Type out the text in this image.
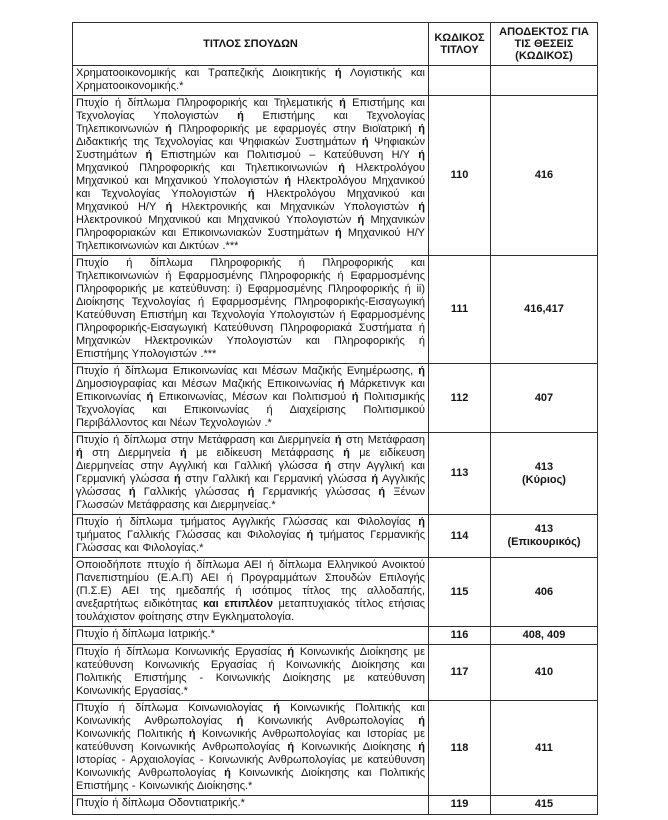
ΤΙΤΛΟΣ ΣΠΟΥΔΩΝ	ΚΩΔΙΚΟΣ ΤΙΤΛΟΥ	ΑΠΟΔΕΚΤΟΣ ΓΙΑ ΤΙΣ ΘΕΣΕΙΣ (ΚΩΔΙΚΟΣ)
Χρηματοοικονομικής και Τραπεζικής Διοικητικής ή Λογιστικής και Χρηματοοικονομικής.*		
Πτυχίο ή δίπλωμα Πληροφορικής και Τηλεματικής ή Επιστήμης και Τεχνολογίας Υπολογιστών ή Επιστήμης και Τεχνολογίας Τηλεπικοινωνιών ή Πληροφορικής με εφαρμογές στην Βιοϊατρική ή Διδακτικής της Τεχνολογίας και Ψηφιακών Συστημάτων ή Ψηφιακών Συστημάτων ή Επιστημών και Πολιτισμού – Κατεύθυνση Η/Υ ή Μηχανικού Πληροφορικής και Τηλεπικοινωνιών ή Ηλεκτρολόγου Μηχανικού και Μηχανικού Υπολογιστών ή Ηλεκτρολόγου Μηχανικού και Τεχνολογίας Υπολογιστών ή Ηλεκτρολόγου Μηχανικού και Μηχανικού Η/Υ ή Ηλεκτρονικής και Μηχανικών Υπολογιστών ή Ηλεκτρονικού Μηχανικού και Μηχανικού Υπολογιστών ή Μηχανικών Πληροφοριακών και Επικοινωνιακών Συστημάτων ή Μηχανικού Η/Υ Τηλεπικοινωνιών και Δικτύων .***	110	416
Πτυχίο ή δίπλωμα Πληροφορικής ή Πληροφορικής και Τηλεπικοινωνιών ή Εφαρμοσμένης Πληροφορικής ή Εφαρμοσμένης Πληροφορικής με κατεύθυνση: i) Εφαρμοσμένης Πληροφορικής ή ii) Διοίκησης Τεχνολογίας ή Εφαρμοσμένης Πληροφορικής-Εισαγωγική Κατεύθυνση Επιστήμη και Τεχνολογία Υπολογιστών ή Εφαρμοσμένης Πληροφορικής-Εισαγωγική Κατεύθυνση Πληροφοριακά Συστήματα ή Μηχανικών Ηλεκτρονικών Υπολογιστών και Πληροφορικής ή Επιστήμης Υπολογιστών .***	111	416,417
Πτυχίο ή δίπλωμα Επικοινωνίας και Μέσων Μαζικής Ενημέρωσης, ή Δημοσιογραφίας και Μέσων Μαζικής Επικοινωνίας ή Μάρκετινγκ και Επικοινωνίας ή Επικοινωνίας, Μέσων και Πολιτισμού ή Πολιτισμικής Τεχνολογίας και Επικοινωνίας ή Διαχείρισης Πολιτισμικού Περιβάλλοντος και Νέων Τεχνολογιών .*	112	407
Πτυχίο ή δίπλωμα στην Μετάφραση και Διερμηνεία ή στη Μετάφραση ή στη Διερμηνεία ή με ειδίκευση Μετάφρασης ή με ειδίκευση Διερμηνείας στην Αγγλική και Γαλλική γλώσσα ή στην Αγγλική και Γερμανική γλώσσα ή στην Γαλλική και Γερμανική γλώσσα ή Αγγλικής γλώσσας ή Γαλλικής γλώσσας ή Γερμανικής γλώσσας ή Ξένων Γλωσσών Μετάφρασης και Διερμηνείας.*	113	413
(Κύριος)
Πτυχίο ή δίπλωμα τμήματος Αγγλικής Γλώσσας και Φιλολογίας ή τμήματος Γαλλικής Γλώσσας και Φιλολογίας ή τμήματος Γερμανικής Γλώσσας και Φιλολογίας.*	114	413
(Επικουρικός)
Οποιοδήποτε πτυχίο ή δίπλωμα ΑΕΙ ή δίπλωμα Ελληνικού Ανοικτού Πανεπιστημίου (Ε.Α.Π) ΑΕΙ ή Προγραμμάτων Σπουδών Επιλογής (Π.Σ.Ε) ΑΕΙ της ημεδαπής ή ισότιμος τίτλος της αλλοδαπής, ανεξαρτήτως ειδικότητας και επιπλέον μεταπτυχιακός τίτλος ετήσιας τουλάχιστον φοίτησης στην Εγκληματολογία.	115	406
Πτυχίο ή δίπλωμα Ιατρικής.*	116	408, 409
Πτυχίο ή δίπλωμα Κοινωνικής Εργασίας ή Κοινωνικής Διοίκησης με κατεύθυνση Κοινωνικής Εργασίας ή Κοινωνικής Διοίκησης και Πολιτικής Επιστήμης - Κοινωνικής Διοίκησης με κατεύθυνση Κοινωνικής Εργασίας.*	117	410
Πτυχίο ή δίπλωμα Κοινωνιολογίας ή Κοινωνικής Πολιτικής και Κοινωνικής Ανθρωπολογίας ή Κοινωνικής Ανθρωπολογίας ή Κοινωνικής Πολιτικής ή Κοινωνικής Ανθρωπολογίας και Ιστορίας με κατεύθυνση Κοινωνικής Ανθρωπολογίας ή Κοινωνικής Διοίκησης ή Ιστορίας - Αρχαιολογίας - Κοινωνικής Ανθρωπολογίας με κατεύθυνση Κοινωνικής Ανθρωπολογίας ή Κοινωνικής Διοίκησης και Πολιτικής Επιστήμης - Κοινωνικής Διοίκησης.*	118	411
Πτυχίο ή δίπλωμα Οδοντιατρικής.*	119	415
